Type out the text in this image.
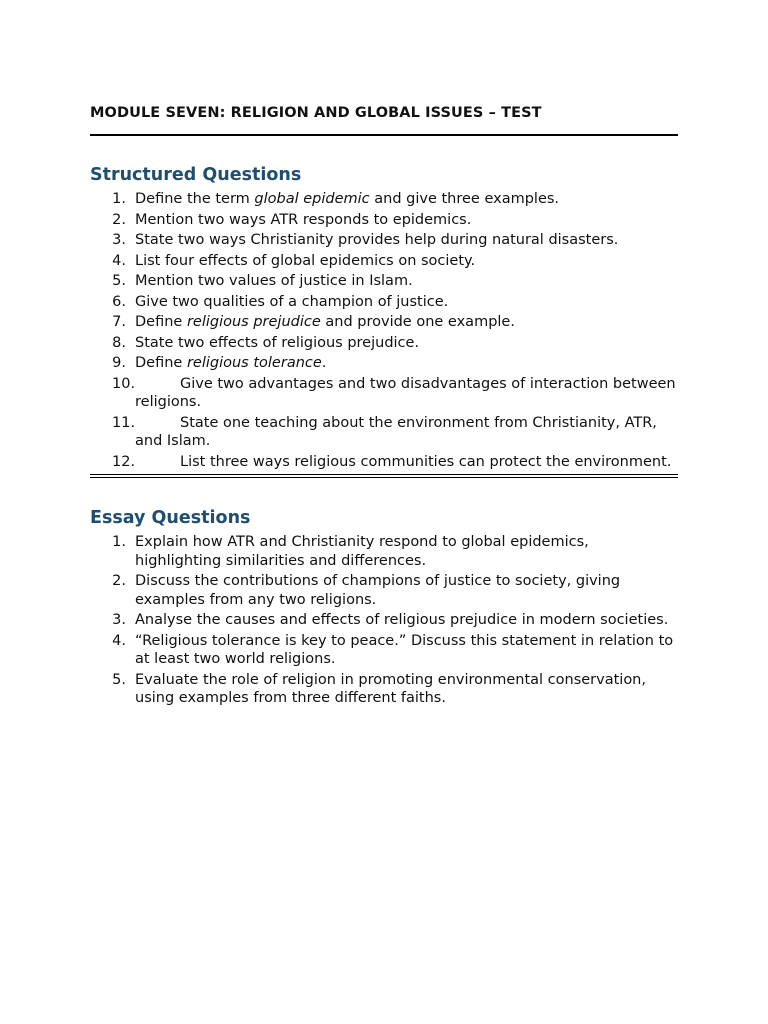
MODULE SEVEN: RELIGION AND GLOBAL ISSUES – TEST
Structured Questions
1. Define the term global epidemic and give three examples.
2. Mention two ways ATR responds to epidemics.
3. State two ways Christianity provides help during natural disasters.
4. List four effects of global epidemics on society.
5. Mention two values of justice in Islam.
6. Give two qualities of a champion of justice.
7. Define religious prejudice and provide one example.
8. State two effects of religious prejudice.
9. Define religious tolerance.
10.	Give two advantages and two disadvantages of interaction between religions.
11.	State one teaching about the environment from Christianity, ATR, and Islam.
12.	List three ways religious communities can protect the environment.
Essay Questions
1. Explain how ATR and Christianity respond to global epidemics, highlighting similarities and differences.
2. Discuss the contributions of champions of justice to society, giving examples from any two religions.
3. Analyse the causes and effects of religious prejudice in modern societies.
4. “Religious tolerance is key to peace.” Discuss this statement in relation to at least two world religions.
5. Evaluate the role of religion in promoting environmental conservation, using examples from three different faiths.
